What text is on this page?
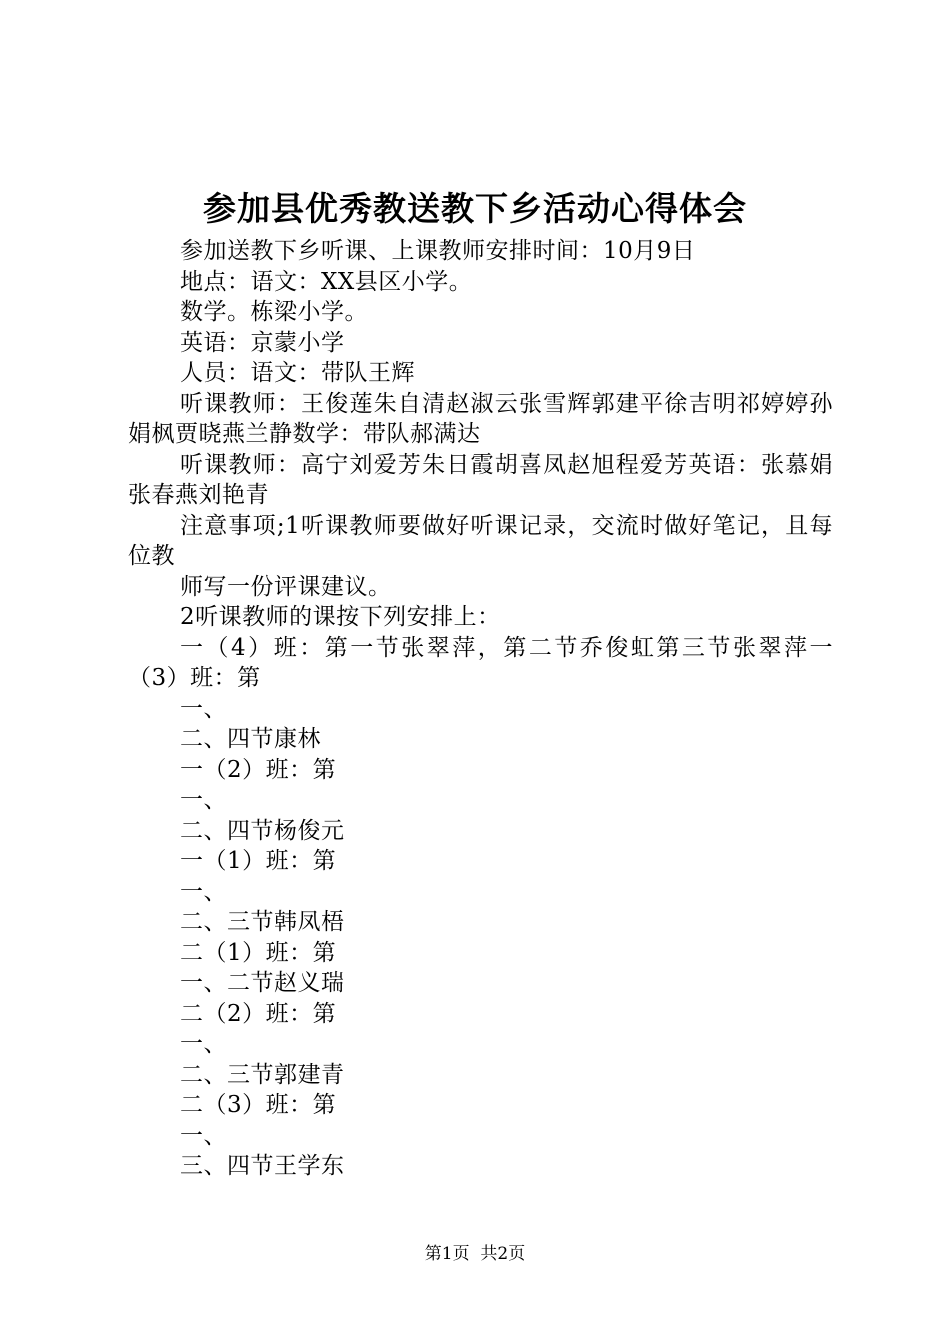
参加县优秀教送教下乡活动心得体会

参加送教下乡听课、上课教师安排时间：10月9日

地点：语文：XX县区小学。

数学。栋梁小学。

英语：京蒙小学

人员：语文：带队王辉

听课教师：王俊莲朱自清赵淑云张雪辉郭建平徐吉明祁婷婷孙娟枫贾晓燕兰静数学：带队郝满达

听课教师：高宁刘爱芳朱日霞胡喜凤赵旭程爱芳英语：张慕娟张春燕刘艳青

注意事项;1听课教师要做好听课记录，交流时做好笔记，且每位教

师写一份评课建议。

2听课教师的课按下列安排上：

一（4）班：第一节张翠萍，第二节乔俊虹第三节张翠萍一（3）班：第

一、

二、四节康林

一（2）班：第

一、

二、四节杨俊元

一（1）班：第

一、

二、三节韩凤梧

二（1）班：第

一、二节赵义瑞

二（2）班：第

一、

二、三节郭建青

二（3）班：第

一、

三、四节王学东

第1页 共2页
